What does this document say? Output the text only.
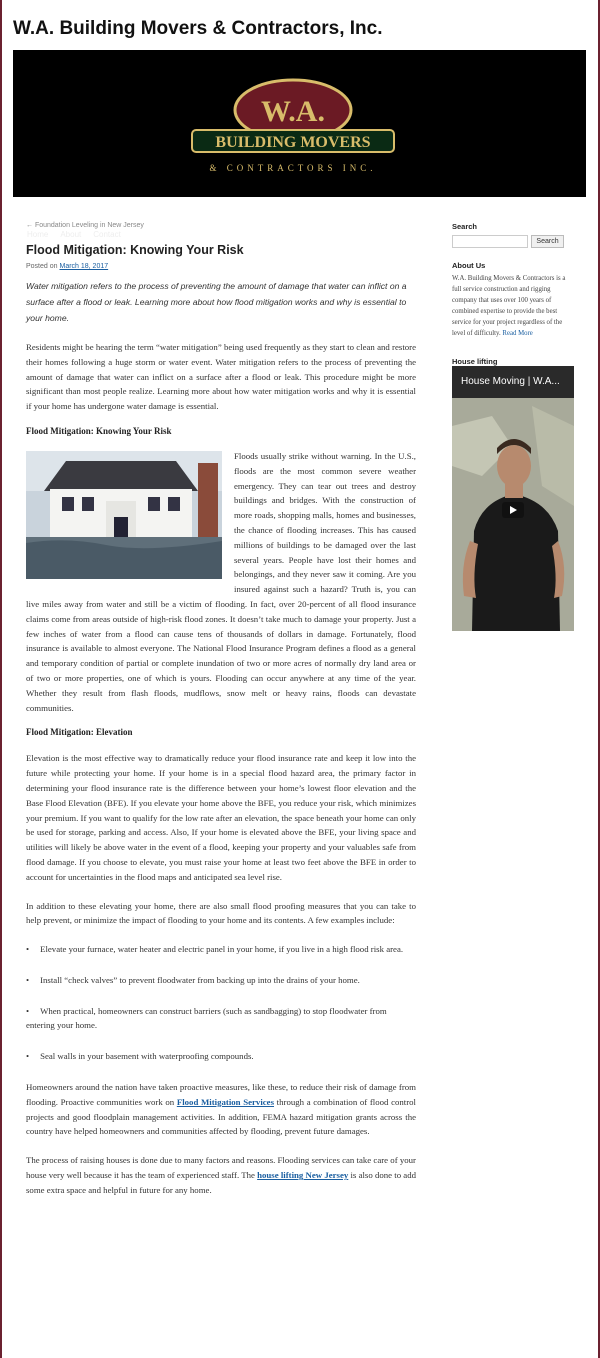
W.A. Building Movers & Contractors, Inc.
W.A.
BUILDING MOVERS
& CONTRACTORS INC.
Home About Contact
← Foundation Leveling in New Jersey
Flood Mitigation: Knowing Your Risk
Posted on March 18, 2017

Water mitigation refers to the process of preventing the amount of damage that water can inflict on a surface after a flood or leak. Learning more about how flood mitigation works and why is essential to your home.

Residents might be hearing the term “water mitigation” being used frequently as they start to clean and restore their homes following a huge storm or water event. Water mitigation refers to the process of preventing the amount of damage that water can inflict on a surface after a flood or leak. This procedure might be more significant than most people realize. Learning more about how water mitigation works and why it is essential if your home has undergone water damage is essential.

Flood Mitigation: Knowing Your Risk

Floods usually strike without warning. In the U.S., floods are the most common severe weather emergency. They can tear out trees and destroy buildings and bridges. With the construction of more roads, shopping malls, homes and businesses, the chance of flooding increases. This has caused millions of buildings to be damaged over the last several years. People have lost their homes and belongings, and they never saw it coming. Are you insured against such a hazard? Truth is, you can live miles away from water and still be a victim of flooding. In fact, over 20-percent of all flood insurance claims come from areas outside of high-risk flood zones. It doesn’t take much to damage your property. Just a few inches of water from a flood can cause tens of thousands of dollars in damage. Fortunately, flood insurance is available to almost everyone. The National Flood Insurance Program defines a flood as a general and temporary condition of partial or complete inundation of two or more acres of normally dry land area or of two or more properties, one of which is yours. Flooding can occur anywhere at any time of the year. Whether they result from flash floods, mudflows, snow melt or heavy rains, floods can devastate communities.

Flood Mitigation: Elevation

Elevation is the most effective way to dramatically reduce your flood insurance rate and keep it low into the future while protecting your home. If your home is in a special flood hazard area, the primary factor in determining your flood insurance rate is the difference between your home’s lowest floor elevation and the Base Flood Elevation (BFE). If you elevate your home above the BFE, you reduce your risk, which minimizes your premium. If you want to qualify for the low rate after an elevation, the space beneath your home can only be used for storage, parking and access. Also, If your home is elevated above the BFE, your living space and utilities will likely be above water in the event of a flood, keeping your property and your valuables safe from flood damage. If you choose to elevate, you must raise your home at least two feet above the BFE in order to account for uncertainties in the flood maps and anticipated sea level rise.

In addition to these elevating your home, there are also small flood proofing measures that you can take to help prevent, or minimize the impact of flooding to your home and its contents. A few examples include:

•     Elevate your furnace, water heater and electric panel in your home, if you live in a high flood risk area.
•     Install “check valves” to prevent floodwater from backing up into the drains of your home.
•     When practical, homeowners can construct barriers (such as sandbagging) to stop floodwater from entering your home.
•     Seal walls in your basement with waterproofing compounds.

Homeowners around the nation have taken proactive measures, like these, to reduce their risk of damage from flooding. Proactive communities work on Flood Mitigation Services through a combination of flood control projects and good floodplain management activities. In addition, FEMA hazard mitigation grants across the country have helped homeowners and communities affected by flooding, prevent future damages.

The process of raising houses is done due to many factors and reasons. Flooding services can take care of your house very well because it has the team of experienced staff. The house lifting New Jersey is also done to add some extra space and helpful in future for any home.

Search
Search
About Us
W.A. Building Movers & Contractors is a full service construction and rigging company that uses over 100 years of combined expertise to provide the best service for your project regardless of the level of difficulty. Read More
House lifting
House Moving | W.A...
